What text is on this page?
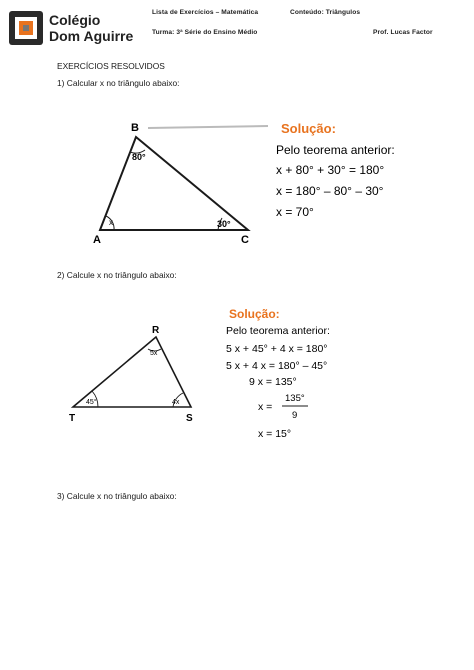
Colégio
Dom Aguirre
Lista de Exercícios – Matemática	Conteúdo: Triângulos
Turma: 3ª Série do Ensino Médio	Prof. Lucas Factor
EXERCÍCIOS RESOLVIDOS
1) Calcular x no triângulo abaixo:
B
A	C
80°
x	30°
Solução:
Pelo teorema anterior:
x + 80° + 30° = 180°
x = 180° – 80° – 30°
x = 70°
2) Calcule x no triângulo abaixo:
R
T	S
5x
45°	4x
Solução:
Pelo teorema anterior:
5 x + 45° + 4 x = 180°
5 x + 4 x = 180° – 45°
9 x = 135°
x =
135°
9
x = 15°
3) Calcule x no triângulo abaixo:
